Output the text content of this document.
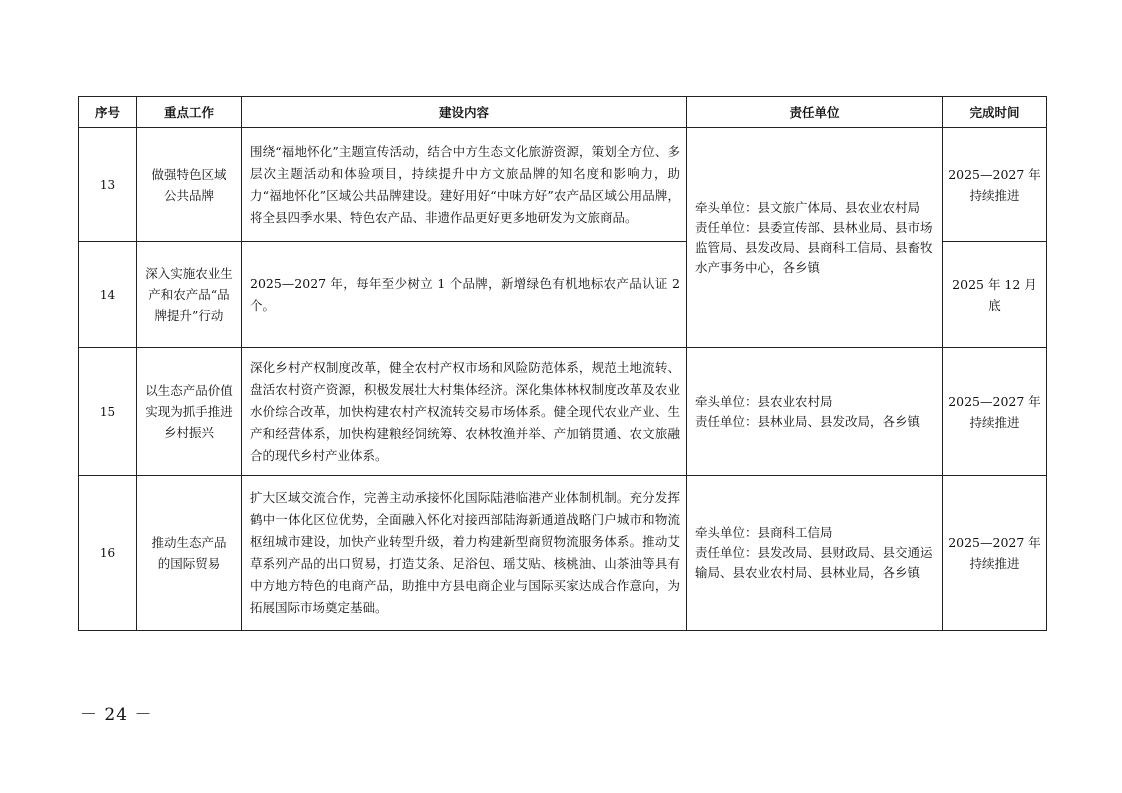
序号	重点工作	建设内容	责任单位	完成时间
13	做强特色区域
公共品牌	围绕“福地怀化”主题宣传活动，结合中方生态文化旅游资源，策划全方位、多层次主题活动和体验项目，持续提升中方文旅品牌的知名度和影响力，助力“福地怀化”区域公共品牌建设。建好用好“中味方好”农产品区域公用品牌，将全县四季水果、特色农产品、非遗作品更好更多地研发为文旅商品。	牵头单位：县文旅广体局、县农业农村局
责任单位：县委宣传部、县林业局、县市场监管局、县发改局、县商科工信局、县畜牧水产事务中心，各乡镇	2025—2027 年
持续推进

14	深入实施农业生
产和农产品“品
牌提升”行动	2025—2027 年，每年至少树立 1 个品牌，新增绿色有机地标农产品认证 2 个。		2025 年 12 月底

15	以生态产品价值
实现为抓手推进
乡村振兴	深化乡村产权制度改革，健全农村产权市场和风险防范体系，规范土地流转、盘活农村资产资源，积极发展壮大村集体经济。深化集体林权制度改革及农业水价综合改革，加快构建农村产权流转交易市场体系。健全现代农业产业、生产和经营体系，加快构建粮经饲统筹、农林牧渔并举、产加销贯通、农文旅融合的现代乡村产业体系。	牵头单位：县农业农村局
责任单位：县林业局、县发改局，各乡镇	2025—2027 年
持续推进

16	推动生态产品
的国际贸易	扩大区域交流合作，完善主动承接怀化国际陆港临港产业体制机制。充分发挥鹤中一体化区位优势，全面融入怀化对接西部陆海新通道战略门户城市和物流枢纽城市建设，加快产业转型升级，着力构建新型商贸物流服务体系。推动艾草系列产品的出口贸易，打造艾条、足浴包、瑶艾贴、核桃油、山茶油等具有中方地方特色的电商产品，助推中方县电商企业与国际买家达成合作意向，为拓展国际市场奠定基础。	牵头单位：县商科工信局
责任单位：县发改局、县财政局、县交通运输局、县农业农村局、县林业局，各乡镇	2025—2027 年
持续推进
－ 24 －
